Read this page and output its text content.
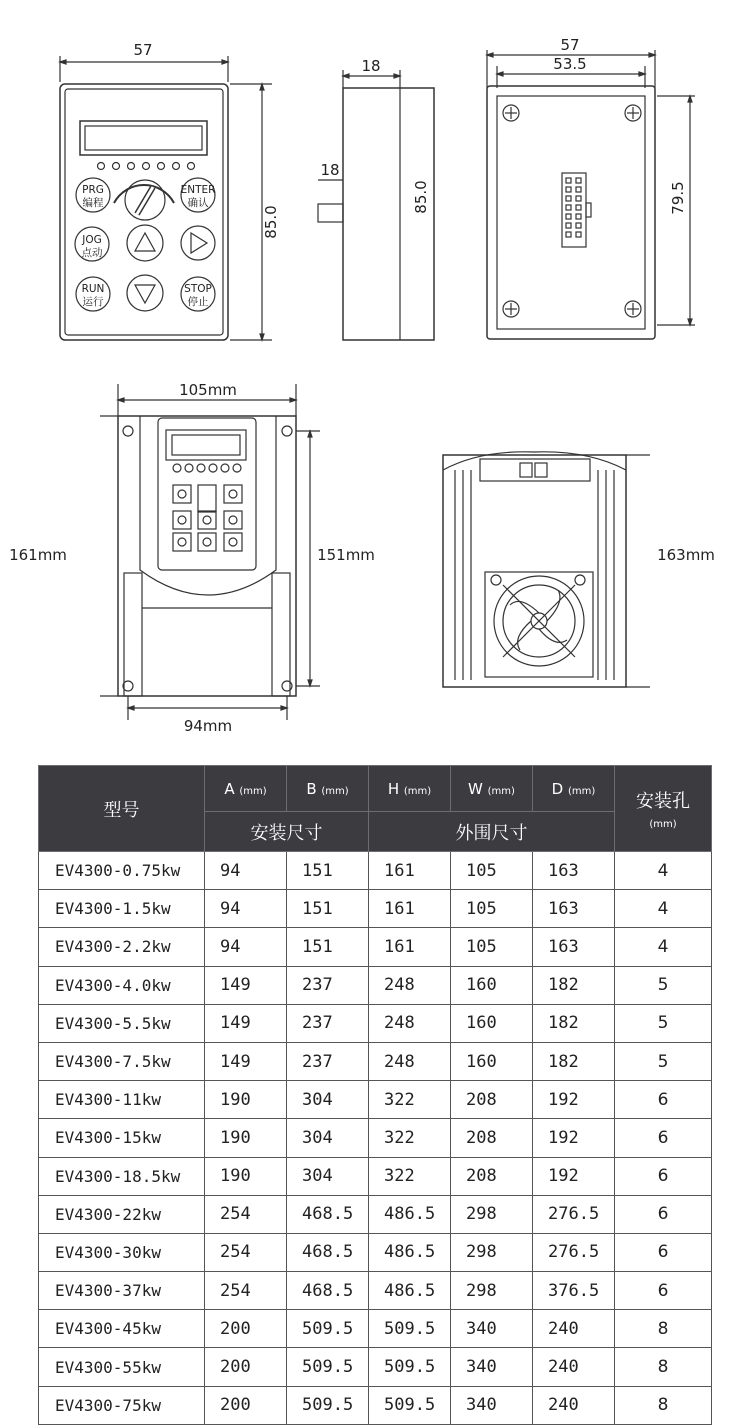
57
PRG
编程
ENTER
确认
JOG
点动
RUN
运行
STOP
停止
85.0
18
18
85.0
57
53.5
79.5
105mm
161mm	151mm
94mm
163mm
型号	A (mm)	B (mm)	H (mm)	W (mm)	D (mm)	安装孔
(mm)

	安装尺寸		外围尺寸			
EV4300-0.75kw	94	151	161	105	163	4
EV4300-1.5kw	94	151	161	105	163	4
EV4300-2.2kw	94	151	161	105	163	4
EV4300-4.0kw	149	237	248	160	182	5
EV4300-5.5kw	149	237	248	160	182	5
EV4300-7.5kw	149	237	248	160	182	5
EV4300-11kw	190	304	322	208	192	6
EV4300-15kw	190	304	322	208	192	6
EV4300-18.5kw	190	304	322	208	192	6
EV4300-22kw	254	468.5	486.5	298	276.5	6
EV4300-30kw	254	468.5	486.5	298	276.5	6
EV4300-37kw	254	468.5	486.5	298	376.5	6
EV4300-45kw	200	509.5	509.5	340	240	8
EV4300-55kw	200	509.5	509.5	340	240	8
EV4300-75kw	200	509.5	509.5	340	240	8
